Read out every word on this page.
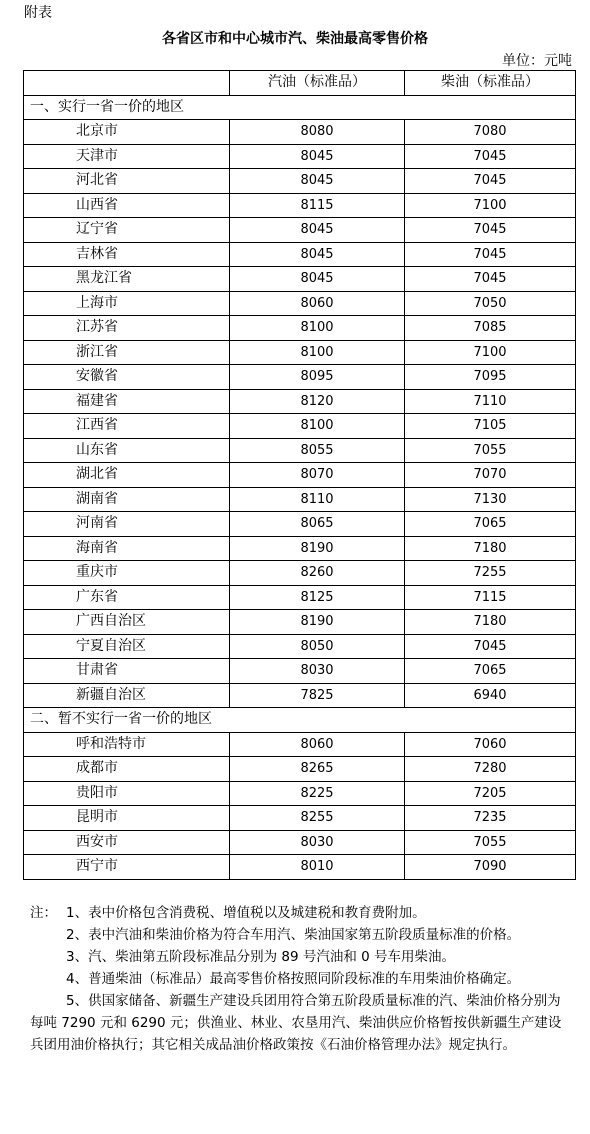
附表
各省区市和中心城市汽、柴油最高零售价格
单位：元吨
	汽油（标准品）	柴油（标准品）
一、实行一省一价的地区		
北京市	8080	7080
天津市	8045	7045
河北省	8045	7045
山西省	8115	7100
辽宁省	8045	7045
吉林省	8045	7045
黑龙江省	8045	7045
上海市	8060	7050
江苏省	8100	7085
浙江省	8100	7100
安徽省	8095	7095
福建省	8120	7110
江西省	8100	7105
山东省	8055	7055
湖北省	8070	7070
湖南省	8110	7130
河南省	8065	7065
海南省	8190	7180
重庆市	8260	7255
广东省	8125	7115
广西自治区	8190	7180
宁夏自治区	8050	7045
甘肃省	8030	7065
新疆自治区	7825	6940
二、暂不实行一省一价的地区		
呼和浩特市	8060	7060
成都市	8265	7280
贵阳市	8225	7205
昆明市	8255	7235
西安市	8030	7055
西宁市	8010	7090

注： 1、表中价格包含消费税、增值税以及城建税和教育费附加。

2、表中汽油和柴油价格为符合车用汽、柴油国家第五阶段质量标准的价格。

3、汽、柴油第五阶段标准品分别为 89 号汽油和 0 号车用柴油。

4、普通柴油（标准品）最高零售价格按照同阶段标准的车用柴油价格确定。

5、供国家储备、新疆生产建设兵团用符合第五阶段质量标准的汽、柴油价格分别为每吨 7290 元和 6290 元；供渔业、林业、农垦用汽、柴油供应价格暂按供新疆生产建设兵团用油价格执行；其它相关成品油价格政策按《石油价格管理办法》规定执行。
